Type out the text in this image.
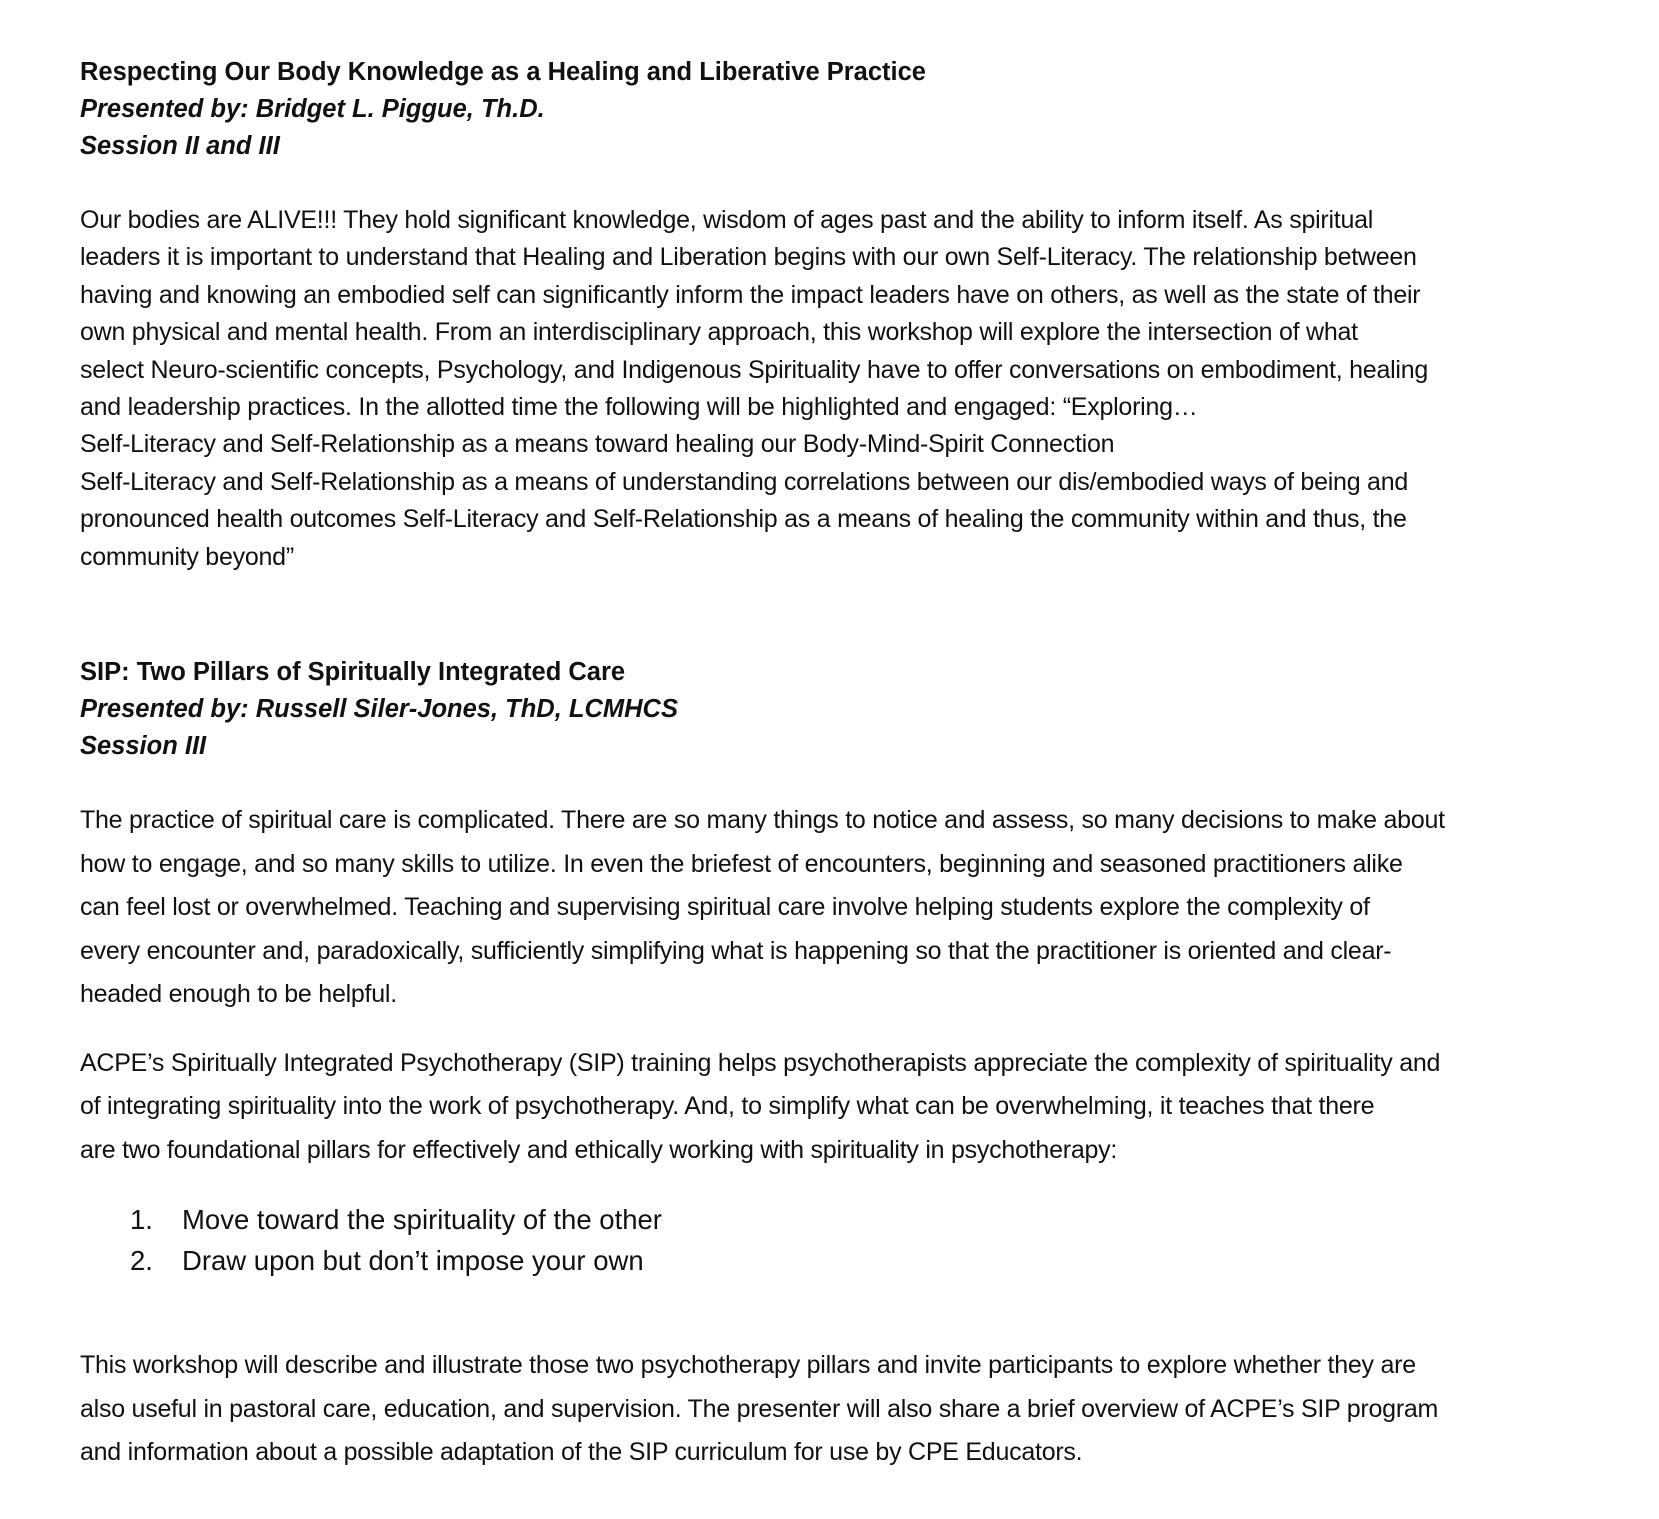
Respecting Our Body Knowledge as a Healing and Liberative Practice

Presented by: Bridget L. Piggue, Th.D.

Session II and III

Our bodies are ALIVE!!! They hold significant knowledge, wisdom of ages past and the ability to inform itself. As spiritual
leaders it is important to understand that Healing and Liberation begins with our own Self-Literacy. The relationship between
having and knowing an embodied self can significantly inform the impact leaders have on others, as well as the state of their
own physical and mental health. From an interdisciplinary approach, this workshop will explore the intersection of what
select Neuro-scientific concepts, Psychology, and Indigenous Spirituality have to offer conversations on embodiment, healing
and leadership practices. In the allotted time the following will be highlighted and engaged: “Exploring…
Self-Literacy and Self-Relationship as a means toward healing our Body-Mind-Spirit Connection
Self-Literacy and Self-Relationship as a means of understanding correlations between our dis/embodied ways of being and
pronounced health outcomes Self-Literacy and Self-Relationship as a means of healing the community within and thus, the
community beyond”

SIP: Two Pillars of Spiritually Integrated Care

Presented by: Russell Siler-Jones, ThD, LCMHCS

Session III

The practice of spiritual care is complicated. There are so many things to notice and assess, so many decisions to make about
how to engage, and so many skills to utilize. In even the briefest of encounters, beginning and seasoned practitioners alike
can feel lost or overwhelmed. Teaching and supervising spiritual care involve helping students explore the complexity of
every encounter and, paradoxically, sufficiently simplifying what is happening so that the practitioner is oriented and clear-
headed enough to be helpful.

ACPE’s Spiritually Integrated Psychotherapy (SIP) training helps psychotherapists appreciate the complexity of spirituality and
of integrating spirituality into the work of psychotherapy. And, to simplify what can be overwhelming, it teaches that there
are two foundational pillars for effectively and ethically working with spirituality in psychotherapy:

1. Move toward the spirituality of the other
2. Draw upon but don’t impose your own

This workshop will describe and illustrate those two psychotherapy pillars and invite participants to explore whether they are
also useful in pastoral care, education, and supervision. The presenter will also share a brief overview of ACPE’s SIP program
and information about a possible adaptation of the SIP curriculum for use by CPE Educators.
